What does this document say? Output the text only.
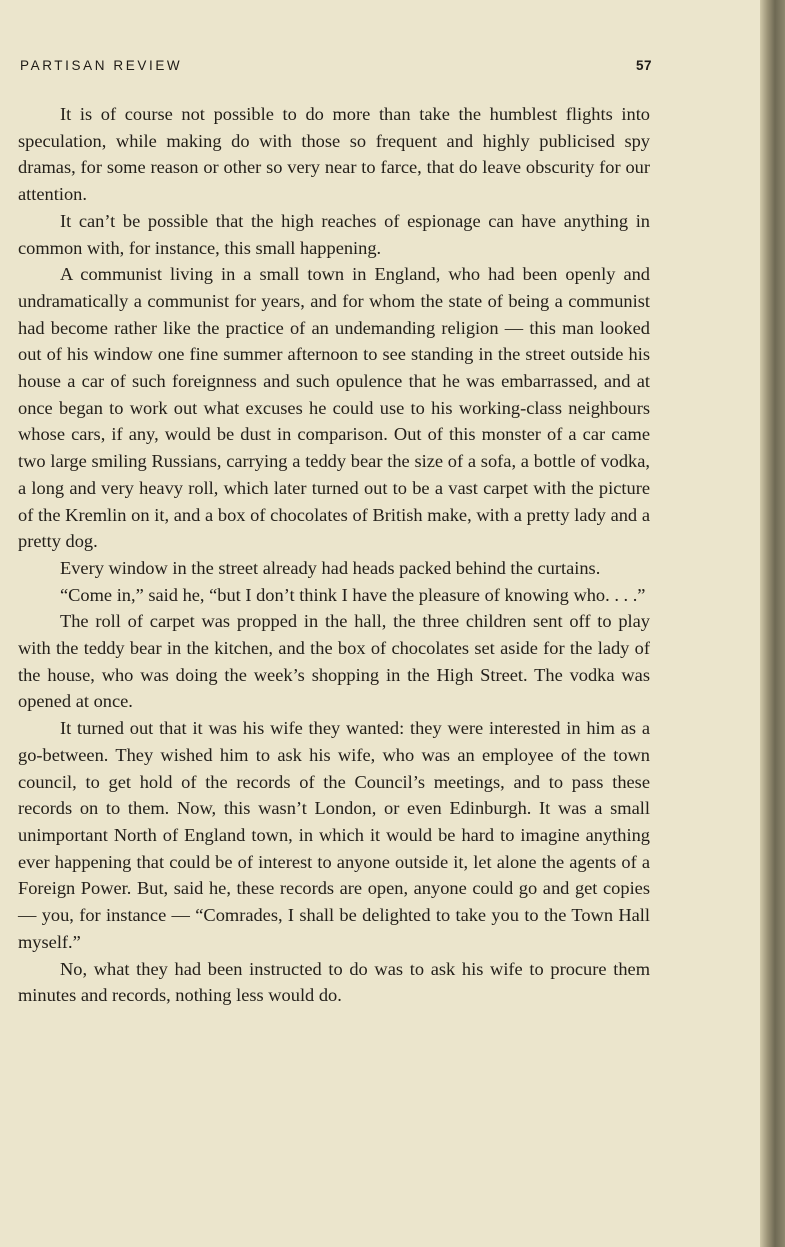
PARTISAN REVIEW	57

It is of course not possible to do more than take the humblest flights into speculation, while making do with those so frequent and highly publicised spy dramas, for some reason or other so very near to farce, that do leave obscurity for our attention.

It can’t be possible that the high reaches of espionage can have anything in common with, for instance, this small happening.

A communist living in a small town in England, who had been openly and undramatically a communist for years, and for whom the state of being a communist had become rather like the practice of an undemanding religion — this man looked out of his window one fine summer afternoon to see standing in the street outside his house a car of such foreignness and such opulence that he was embarrassed, and at once began to work out what excuses he could use to his working-class neighbours whose cars, if any, would be dust in comparison. Out of this monster of a car came two large smiling Russians, carrying a teddy bear the size of a sofa, a bottle of vodka, a long and very heavy roll, which later turned out to be a vast carpet with the picture of the Kremlin on it, and a box of chocolates of British make, with a pretty lady and a pretty dog.

Every window in the street already had heads packed behind the curtains.

“Come in,” said he, “but I don’t think I have the pleasure of knowing who. . . .”

The roll of carpet was propped in the hall, the three children sent off to play with the teddy bear in the kitchen, and the box of chocolates set aside for the lady of the house, who was doing the week’s shopping in the High Street. The vodka was opened at once.

It turned out that it was his wife they wanted: they were interested in him as a go-between. They wished him to ask his wife, who was an employee of the town council, to get hold of the records of the Council’s meetings, and to pass these records on to them. Now, this wasn’t London, or even Edinburgh. It was a small unimportant North of England town, in which it would be hard to imagine anything ever happening that could be of interest to anyone outside it, let alone the agents of a Foreign Power. But, said he, these records are open, anyone could go and get copies — you, for instance — “Comrades, I shall be delighted to take you to the Town Hall myself.”

No, what they had been instructed to do was to ask his wife to procure them minutes and records, nothing less would do.
